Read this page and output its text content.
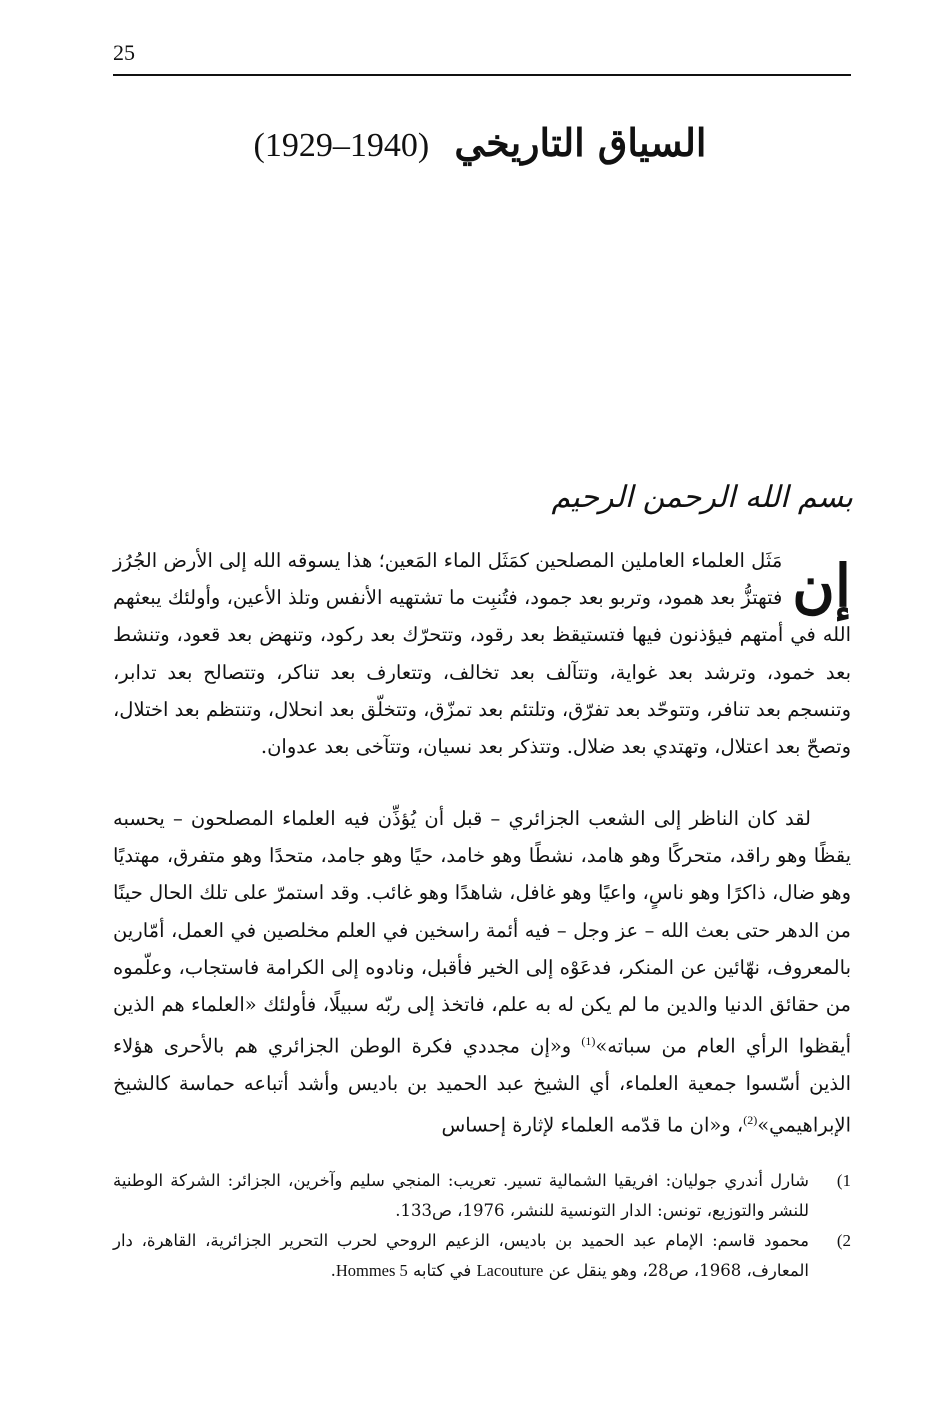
25
السياق التاريخي (1940–1929)
بسم الله الرحمن الرحيم
إن
مَثَل العلماء العاملين المصلحين كمَثَل الماء المَعين؛ هذا يسوقه الله إلى الأرض الجُرُز فتهتزُّ بعد همود، وتربو بعد جمود، فتُنبِت ما تشتهيه الأنفس وتلذ الأعين، وأولئك يبعثهم الله في أمتهم فيؤذنون فيها فتستيقظ بعد رقود، وتتحرّك بعد ركود، وتنهض بعد قعود، وتنشط بعد خمود، وترشد بعد غواية، وتتآلف بعد تخالف، وتتعارف بعد تناكر، وتتصالح بعد تدابر، وتنسجم بعد تنافر، وتتوحّد بعد تفرّق، وتلتئم بعد تمزّق، وتتخلّق بعد انحلال، وتنتظم بعد اختلال، وتصحّ بعد اعتلال، وتهتدي بعد ضلال. وتتذكر بعد نسيان، وتتآخى بعد عدوان.
لقد كان الناظر إلى الشعب الجزائري – قبل أن يُؤذِّن فيه العلماء المصلحون – يحسبه يقظًا وهو راقد، متحركًا وهو هامد، نشطًا وهو خامد، حيًا وهو جامد، متحدًا وهو متفرق، مهتديًا وهو ضال، ذاكرًا وهو ناسٍ، واعيًا وهو غافل، شاهدًا وهو غائب. وقد استمرّ على تلك الحال حينًا من الدهر حتى بعث الله – عز وجل – فيه أئمة راسخين في العلم مخلصين في العمل، أمّارين بالمعروف، نهّائين عن المنكر، فدعَوْه إلى الخير فأقبل، ونادوه إلى الكرامة فاستجاب، وعلّموه من حقائق الدنيا والدين ما لم يكن له به علم، فاتخذ إلى ربّه سبيلًا، فأولئك «العلماء هم الذين أيقظوا الرأي العام من سباته»$^{(1)}$ و«إن مجددي فكرة الوطن الجزائري هم بالأحرى هؤلاء الذين أسّسوا جمعية العلماء، أي الشيخ عبد الحميد بن باديس وأشد أتباعه حماسة كالشيخ الإبراهيمي»$^{(2)}$، و«ان ما قدّمه العلماء لإثارة إحساس
1)
شارل أندري جوليان: افريقيا الشمالية تسير. تعريب: المنجي سليم وآخرين، الجزائر: الشركة الوطنية للنشر والتوزيع، تونس: الدار التونسية للنشر، 1976، ص133.
2)
محمود قاسم: الإمام عبد الحميد بن باديس، الزعيم الروحي لحرب التحرير الجزائرية، القاهرة، دار المعارف، 1968، ص28، وهو ينقل عن Lacouture في كتابه 5 Hommes.
